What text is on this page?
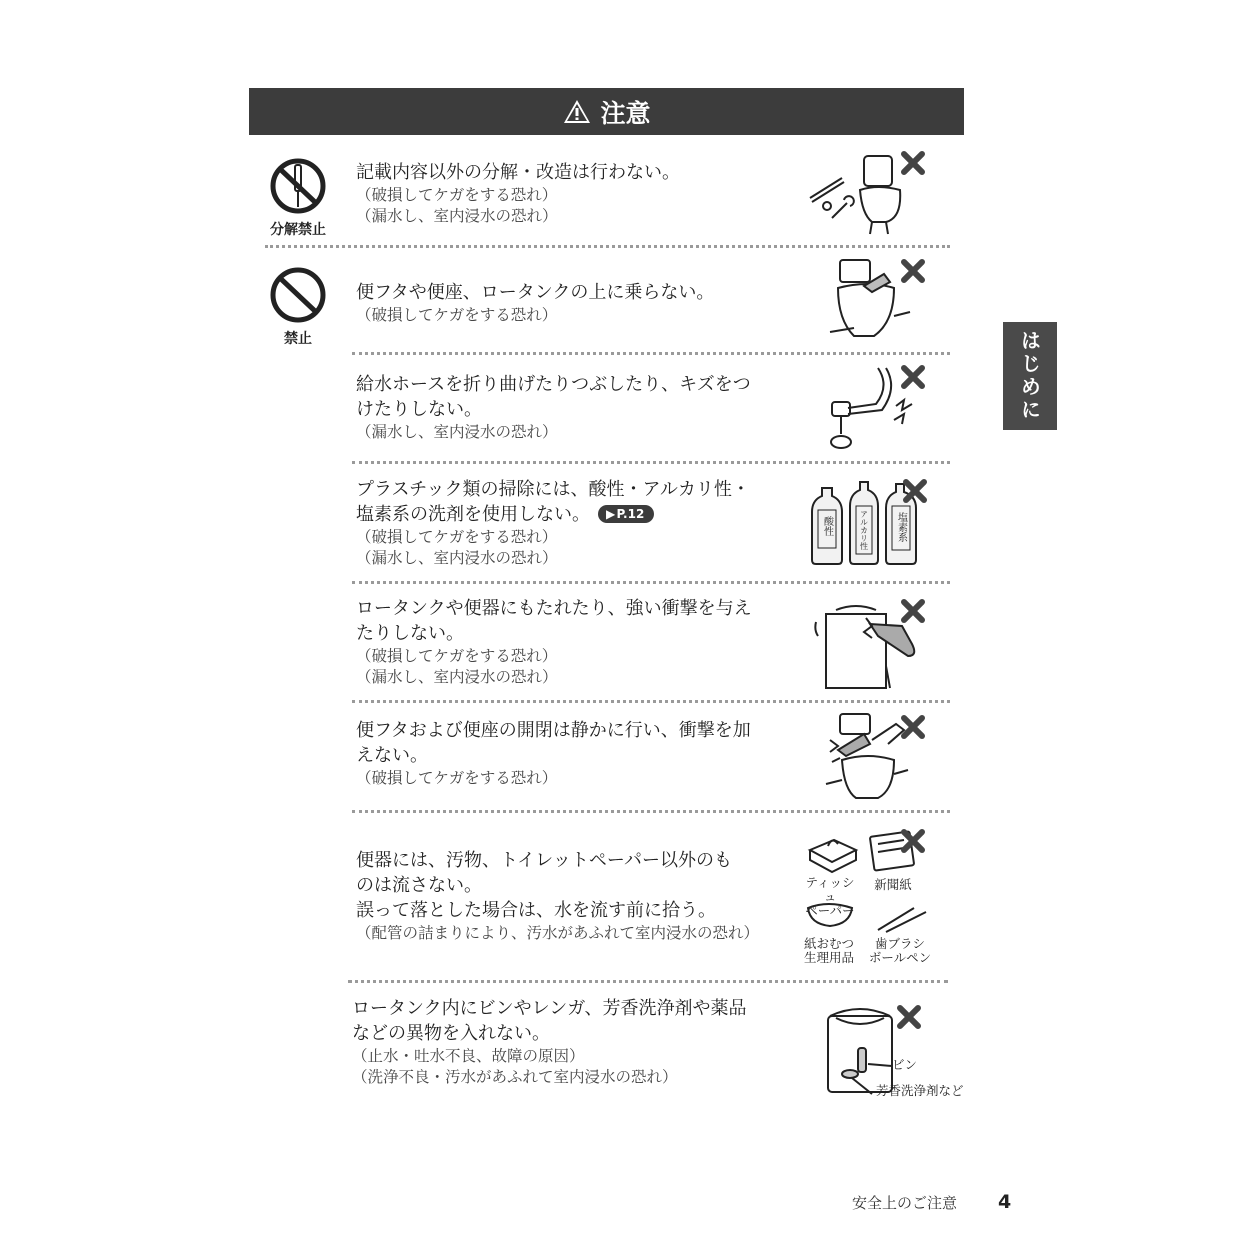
注意
はじめに
分解禁止
禁止
記載内容以外の分解・改造は行わない。
（破損してケガをする恐れ）
（漏水し、室内浸水の恐れ）
便フタや便座、ロータンクの上に乗らない。
（破損してケガをする恐れ）
給水ホースを折り曲げたりつぶしたり、キズをつ
けたりしない。
（漏水し、室内浸水の恐れ）
プラスチック類の掃除には、酸性・アルカリ性・
塩素系の洗剤を使用しない。 ▶ P.12
（破損してケガをする恐れ）
（漏水し、室内浸水の恐れ）
ロータンクや便器にもたれたり、強い衝撃を与え
たりしない。
（破損してケガをする恐れ）
（漏水し、室内浸水の恐れ）
便フタおよび便座の開閉は静かに行い、衝撃を加
えない。
（破損してケガをする恐れ）
便器には、汚物、トイレットペーパー以外のも
のは流さない。
誤って落とした場合は、水を流す前に拾う。
（配管の詰まりにより、汚水があふれて室内浸水の恐れ）
ロータンク内にビンやレンガ、芳香洗浄剤や薬品
などの異物を入れない。
（止水・吐水不良、故障の原因）
（洗浄不良・汚水があふれて室内浸水の恐れ）
酸性	アルカリ性	塩素系
ティッシュ
ペーパー
新聞紙
紙おむつ
生理用品
歯ブラシ
ボールペン
ビン
芳香洗浄剤など
安全上のご注意 4
